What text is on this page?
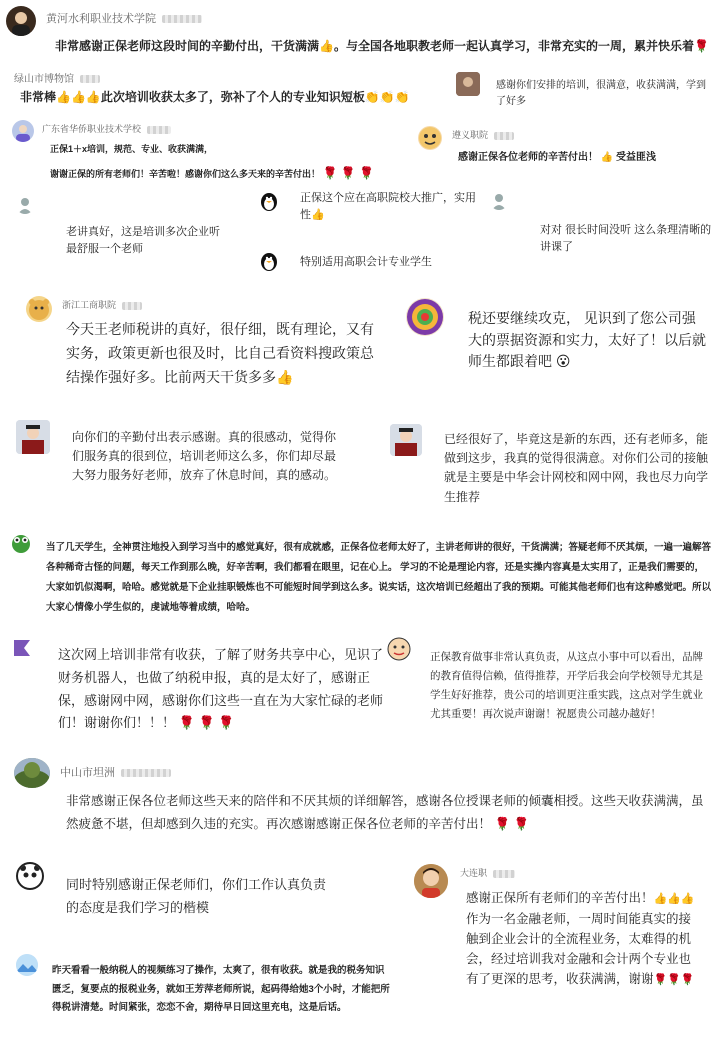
黄河水利职业技术学院
非常感谢正保老师这段时间的辛勤付出，干货满满👍。与全国各地职教老师一起认真学习，非常充实的一周，累并快乐着🌹
绿山市博物馆
非常棒👍👍👍此次培训收获太多了，弥补了个人的专业知识短板👏👏👏
感谢你们安排的培训，很满意，收获满满，学到了好多
广东省华侨职业技术学校
正保1＋x培训，规范、专业、收获满满，
谢谢正保的所有老师们！辛苦啦！感谢你们这么多天来的辛苦付出！ 🌹 🌹 🌹
遵义职院
感谢正保各位老师的辛苦付出！ 👍 受益匪浅
老讲真好，这是培训多次企业听最舒服一个老师
正保这个应在高职院校大推广，实用性👍
对对 很长时间没听 这么条理清晰的讲课了
特别适用高职会计专业学生
浙江工商职院
今天王老师税讲的真好，很仔细，既有理论，又有实务，政策更新也很及时，比自己看资料搜政策总结操作强好多。比前两天干货多多👍
税还要继续攻克， 见识到了您公司强大的票据资源和实力，太好了！以后就师生都跟着吧 😮
向你们的辛勤付出表示感谢。真的很感动，觉得你们服务真的很到位，培训老师这么多，你们却尽最大努力服务好老师，放弃了休息时间，真的感动。
已经很好了，毕竟这是新的东西，还有老师多，能做到这步，我真的觉得很满意。对你们公司的接触就是主要是中华会计网校和网中网，我也尽力向学生推荐
当了几天学生，全神贯注地投入到学习当中的感觉真好，很有成就感，正保各位老师太好了，主讲老师讲的很好，干货满满；答疑老师不厌其烦，一遍一遍解答各种稀奇古怪的问题，每天工作到那么晚，好辛苦啊，我们都看在眼里，记在心上。 学习的不论是理论内容，还是实操内容真是太实用了，正是我们需要的，大家如饥似渴啊，哈哈。感觉就是下企业挂职锻炼也不可能短时间学到这么多。说实话，这次培训已经超出了我的预期。可能其他老师们也有这种感觉吧。所以大家心情像小学生似的，虔诚地等着成绩，哈哈。
这次网上培训非常有收获，了解了财务共享中心，见识了财务机器人，也做了纳税申报，真的是太好了，感谢正保，感谢网中网，感谢你们这些一直在为大家忙碌的老师们！谢谢你们！！！ 🌹 🌹 🌹
正保教育做事非常认真负责，从这点小事中可以看出，品牌的教育值得信赖，值得推荐，开学后我会向学校领导尤其是学生好好推荐，贵公司的培训更注重实践，这点对学生就业尤其重要！再次说声谢谢！祝愿贵公司越办越好！
中山市坦洲
非常感谢正保各位老师这些天来的陪伴和不厌其烦的详细解答，感谢各位授课老师的倾囊相授。这些天收获满满，虽然疲惫不堪，但却感到久违的充实。再次感谢感谢正保各位老师的辛苦付出！ 🌹 🌹
同时特别感谢正保老师们，你们工作认真负责的态度是我们学习的楷模
大连职
感谢正保所有老师们的辛苦付出！👍👍👍作为一名金融老师，一周时间能真实的接触到企业会计的全流程业务，太难得的机会，经过培训我对金融和会计两个专业也有了更深的思考，收获满满，谢谢🌹🌹🌹
昨天看看一般纳税人的视频练习了操作，太爽了，很有收获。就是我的税务知识匮乏，复要点的报税业务，就如王芳萍老师所说，起码得给她3个小时，才能把所得税讲清楚。时间紧张，恋恋不舍，期待早日回这里充电，这是后话。
